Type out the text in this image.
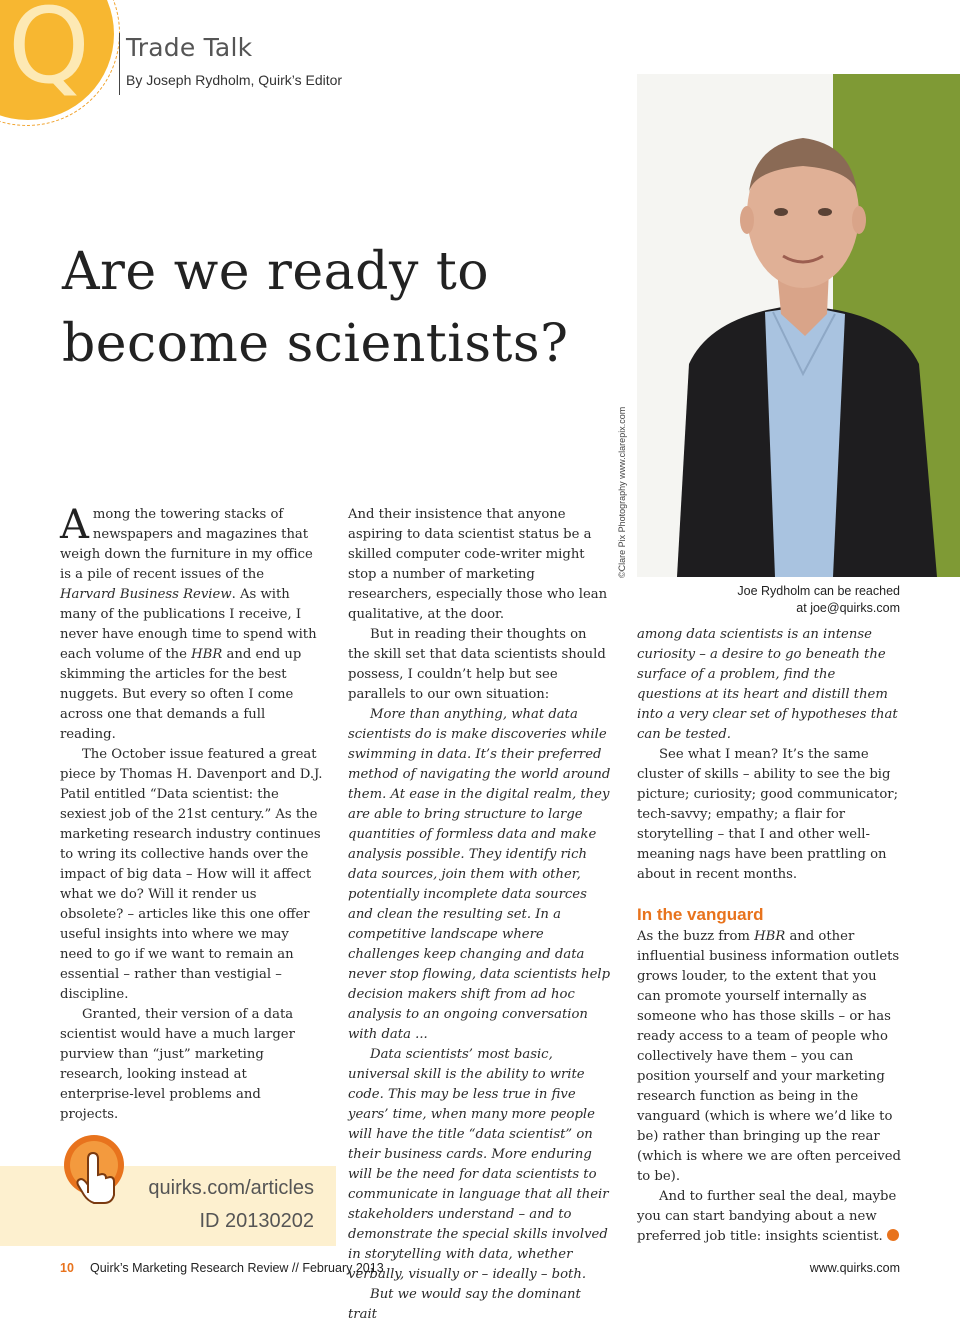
Q Trade Talk
By Joseph Rydholm, Quirk’s Editor
Are we ready to
become scientists?
©Clare Pix Photography www.clarepix.com
Joe Rydholm can be reached
at joe@quirks.com

Among the towering stacks of newspapers and magazines that weigh down the furniture in my office is a pile of recent issues of the Harvard Business Review. As with many of the publications I receive, I never have enough time to spend with each volume of the HBR and end up skimming the articles for the best nuggets. But every so often I come across one that demands a full reading.

The October issue featured a great piece by Thomas H. Davenport and D.J. Patil entitled “Data scientist: the sexiest job of the 21st century.” As the marketing research industry continues to wring its collective hands over the impact of big data – How will it affect what we do? Will it render us obsolete? – articles like this one offer useful insights into where we may need to go if we want to remain an essential – rather than vestigial – discipline.

Granted, their version of a data scientist would have a much larger purview than “just” marketing research, looking instead at enterprise-level problems and projects.

And their insistence that anyone aspiring to data scientist status be a skilled computer code-writer might stop a number of marketing researchers, especially those who lean qualitative, at the door.

But in reading their thoughts on the skill set that data scientists should possess, I couldn’t help but see parallels to our own situation:

More than anything, what data scientists do is make discoveries while swimming in data. It’s their preferred method of navigating the world around them. At ease in the digital realm, they are able to bring structure to large quantities of formless data and make analysis possible. They identify rich data sources, join them with other, potentially incomplete data sources and clean the resulting set. In a competitive landscape where challenges keep changing and data never stop flowing, data scientists help decision makers shift from ad hoc analysis to an ongoing conversation with data ...

Data scientists’ most basic, universal skill is the ability to write code. This may be less true in five years’ time, when many more people will have the title “data scientist” on their business cards. More enduring will be the need for data scientists to communicate in language that all their stakeholders understand – and to demonstrate the special skills involved in storytelling with data, whether verbally, visually or – ideally – both.

But we would say the dominant trait

among data scientists is an intense curiosity – a desire to go beneath the surface of a problem, find the questions at its heart and distill them into a very clear set of hypotheses that can be tested.

See what I mean? It’s the same cluster of skills – ability to see the big picture; curiosity; good communicator; tech-savvy; empathy; a flair for storytelling – that I and other well-meaning nags have been prattling on about in recent months.

In the vanguard

As the buzz from HBR and other influential business information outlets grows louder, to the extent that you can promote yourself internally as someone who has those skills – or has ready access to a team of people who collectively have them – you can position yourself and your marketing research function as being in the vanguard (which is where we’d like to be) rather than bringing up the rear (which is where we are often perceived to be).

And to further seal the deal, maybe you can start bandying about a new preferred job title: insights scientist.

quirks.com/articles
ID 20130202
10 Quirk’s Marketing Research Review // February 2013	www.quirks.com
